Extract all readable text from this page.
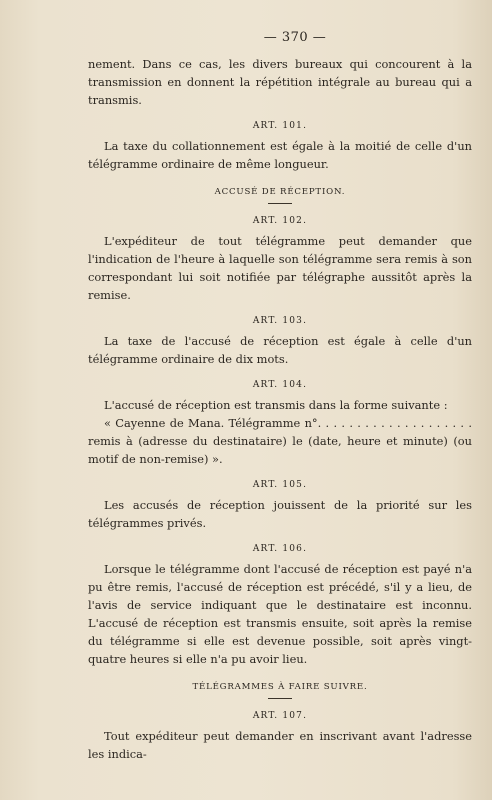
— 370 —

nement. Dans ce cas, les divers bureaux qui concourent à la transmission en donnent la répétition intégrale au bureau qui a transmis.

ART. 101.

La taxe du collationnement est égale à la moitié de celle d'un télégramme ordinaire de même longueur.

ACCUSÉ DE RÉCEPTION.
ART. 102.

L'expéditeur de tout télégramme peut demander que l'indication de l'heure à laquelle son télégramme sera remis à son correspondant lui soit notifiée par télégraphe aussitôt après la remise.

ART. 103.

La taxe de l'accusé de réception est égale à celle d'un télégramme ordinaire de dix mots.

ART. 104.

L'accusé de réception est transmis dans la forme suivante :

« Cayenne de Mana. Télégramme n°. . . . . . . . . . . . . . . . . . . . remis à (adresse du destinataire) le (date, heure et minute) (ou motif de non-remise) ».

ART. 105.

Les accusés de réception jouissent de la priorité sur les télégrammes privés.

ART. 106.

Lorsque le télégramme dont l'accusé de réception est payé n'a pu être remis, l'accusé de réception est précédé, s'il y a lieu, de l'avis de service indiquant que le destinataire est inconnu. L'accusé de réception est transmis ensuite, soit après la remise du télégramme si elle est devenue possible, soit après vingt-quatre heures si elle n'a pu avoir lieu.

TÉLÉGRAMMES À FAIRE SUIVRE.
ART. 107.

Tout expéditeur peut demander en inscrivant avant l'adresse les indica-
